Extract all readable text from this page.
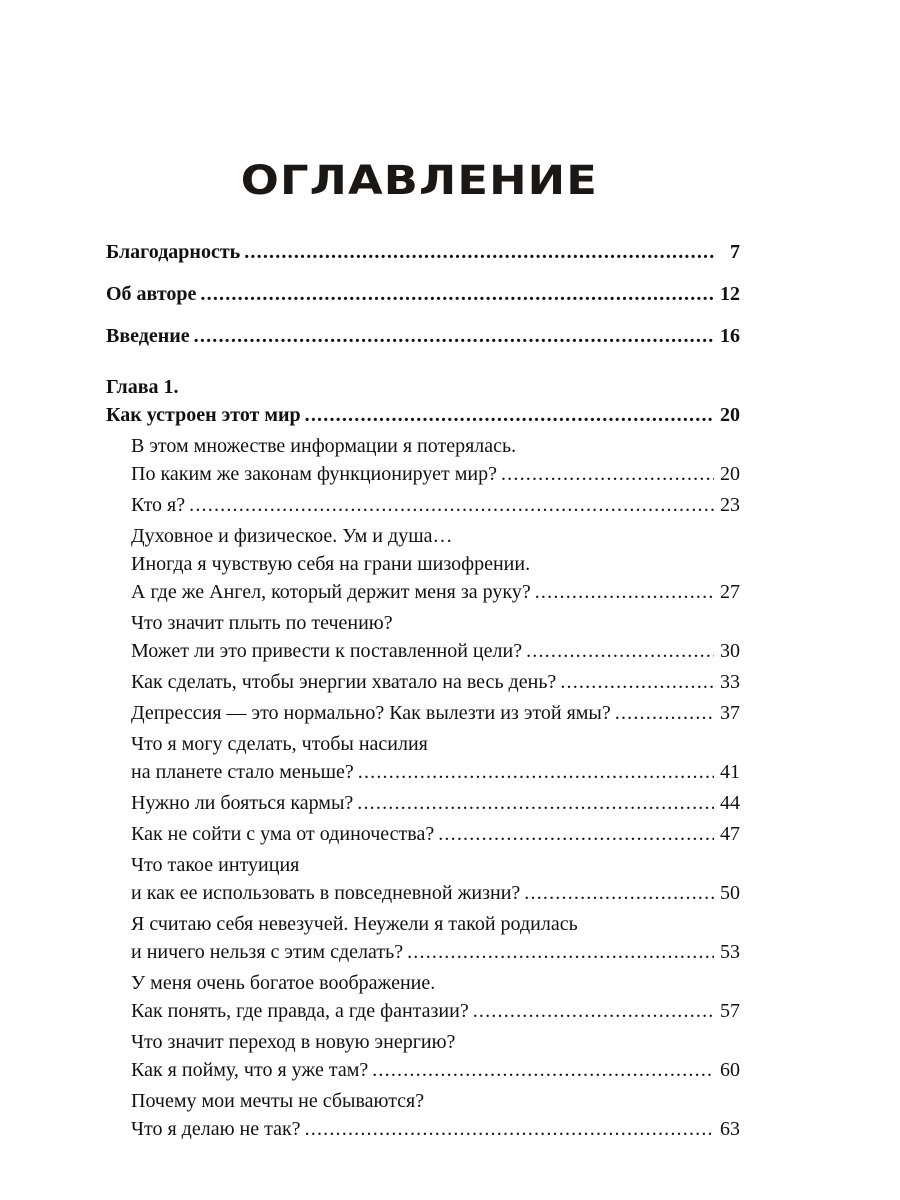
ОГЛАВЛЕНИЕ
Благодарность .....	7
Об авторе .....	12
Введение .....	16
Глава 1.
Как устроен этот мир .....	20
В этом множестве информации я потерялась.
По каким же законам функционирует мир? .....	20
Кто я? .....	23
Духовное и физическое. Ум и душа…
Иногда я чувствую себя на грани шизофрении.
А где же Ангел, который держит меня за руку? .....	27
Что значит плыть по течению?
Может ли это привести к поставленной цели? .....	30
Как сделать, чтобы энергии хватало на весь день? .....	33
Депрессия — это нормально? Как вылезти из этой ямы? .....	37
Что я могу сделать, чтобы насилия
на планете стало меньше? .....	41
Нужно ли бояться кармы? .....	44
Как не сойти с ума от одиночества? .....	47
Что такое интуиция
и как ее использовать в повседневной жизни? .....	50
Я считаю себя невезучей. Неужели я такой родилась
и ничего нельзя с этим сделать? .....	53
У меня очень богатое воображение.
Как понять, где правда, а где фантазии? .....	57
Что значит переход в новую энергию?
Как я пойму, что я уже там? .....	60
Почему мои мечты не сбываются?
Что я делаю не так? .....	63
